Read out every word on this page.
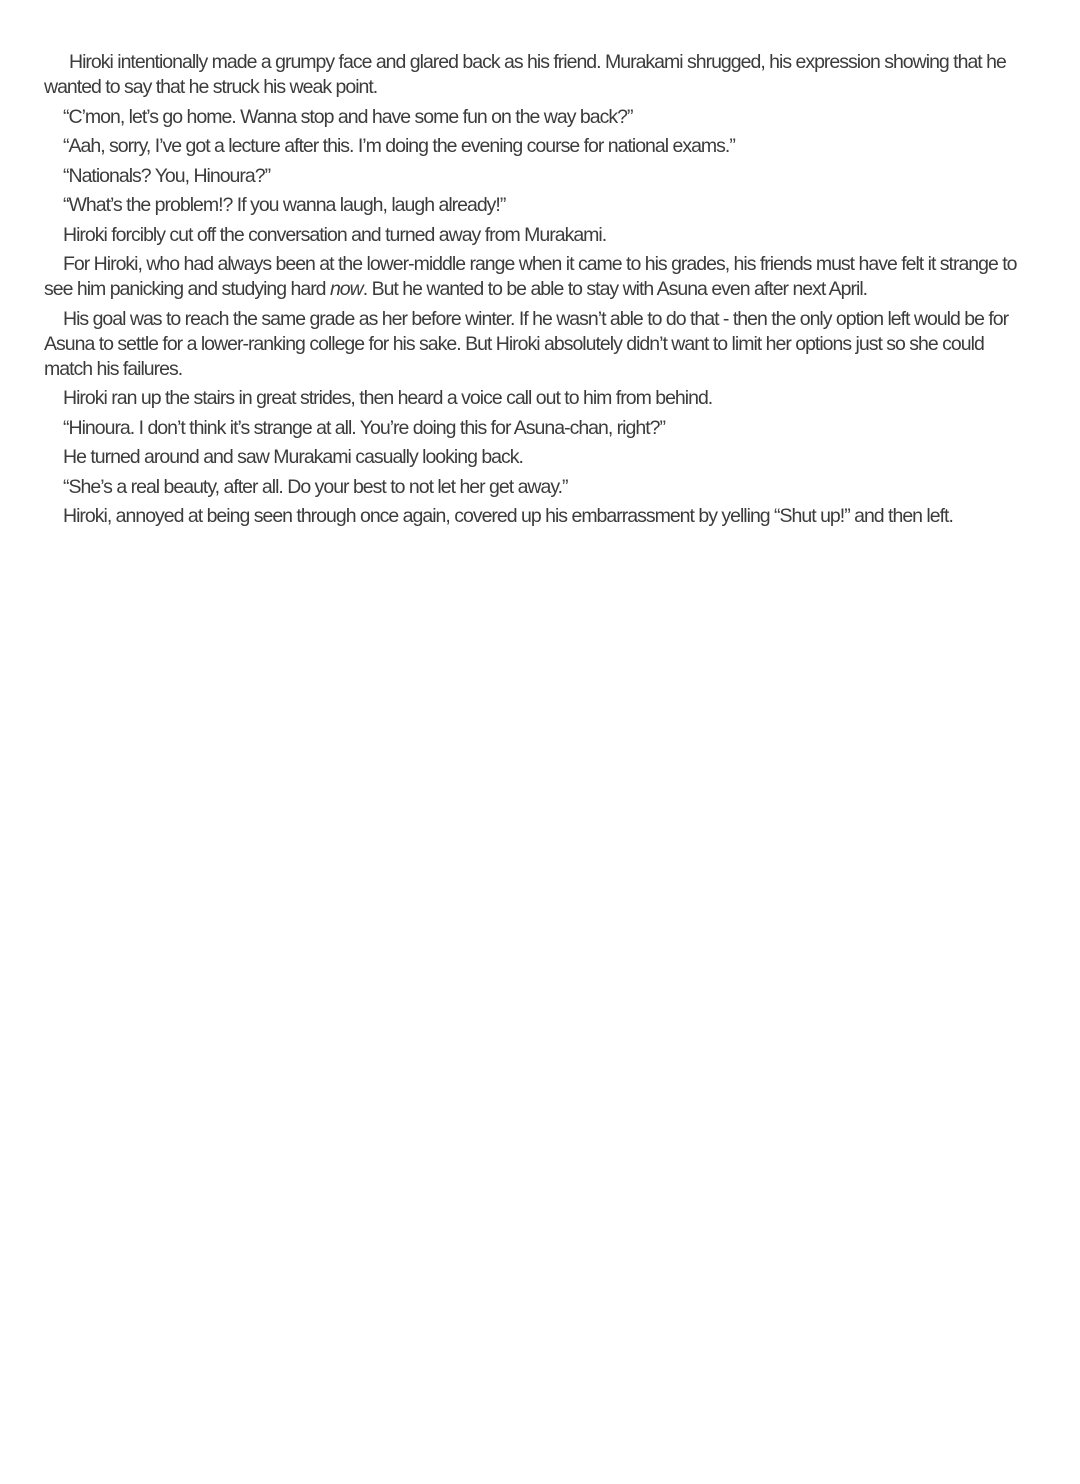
Hiroki intentionally made a grumpy face and glared back as his friend. Murakami shrugged, his expression showing that he wanted to say that he struck his weak point.

“C’mon, let’s go home. Wanna stop and have some fun on the way back?”

“Aah, sorry, I’ve got a lecture after this. I’m doing the evening course for national exams.”

“Nationals? You, Hinoura?”

“What’s the problem!? If you wanna laugh, laugh already!”

Hiroki forcibly cut off the conversation and turned away from Murakami.

For Hiroki, who had always been at the lower-middle range when it came to his grades, his friends must have felt it strange to see him panicking and studying hard now. But he wanted to be able to stay with Asuna even after next April.

His goal was to reach the same grade as her before winter. If he wasn’t able to do that - then the only option left would be for Asuna to settle for a lower-ranking college for his sake. But Hiroki absolutely didn’t want to limit her options just so she could match his failures.

Hiroki ran up the stairs in great strides, then heard a voice call out to him from behind.

“Hinoura. I don’t think it’s strange at all. You’re doing this for Asuna-chan, right?”

He turned around and saw Murakami casually looking back.

“She’s a real beauty, after all. Do your best to not let her get away.”

Hiroki, annoyed at being seen through once again, covered up his embarrassment by yelling “Shut up!” and then left.
